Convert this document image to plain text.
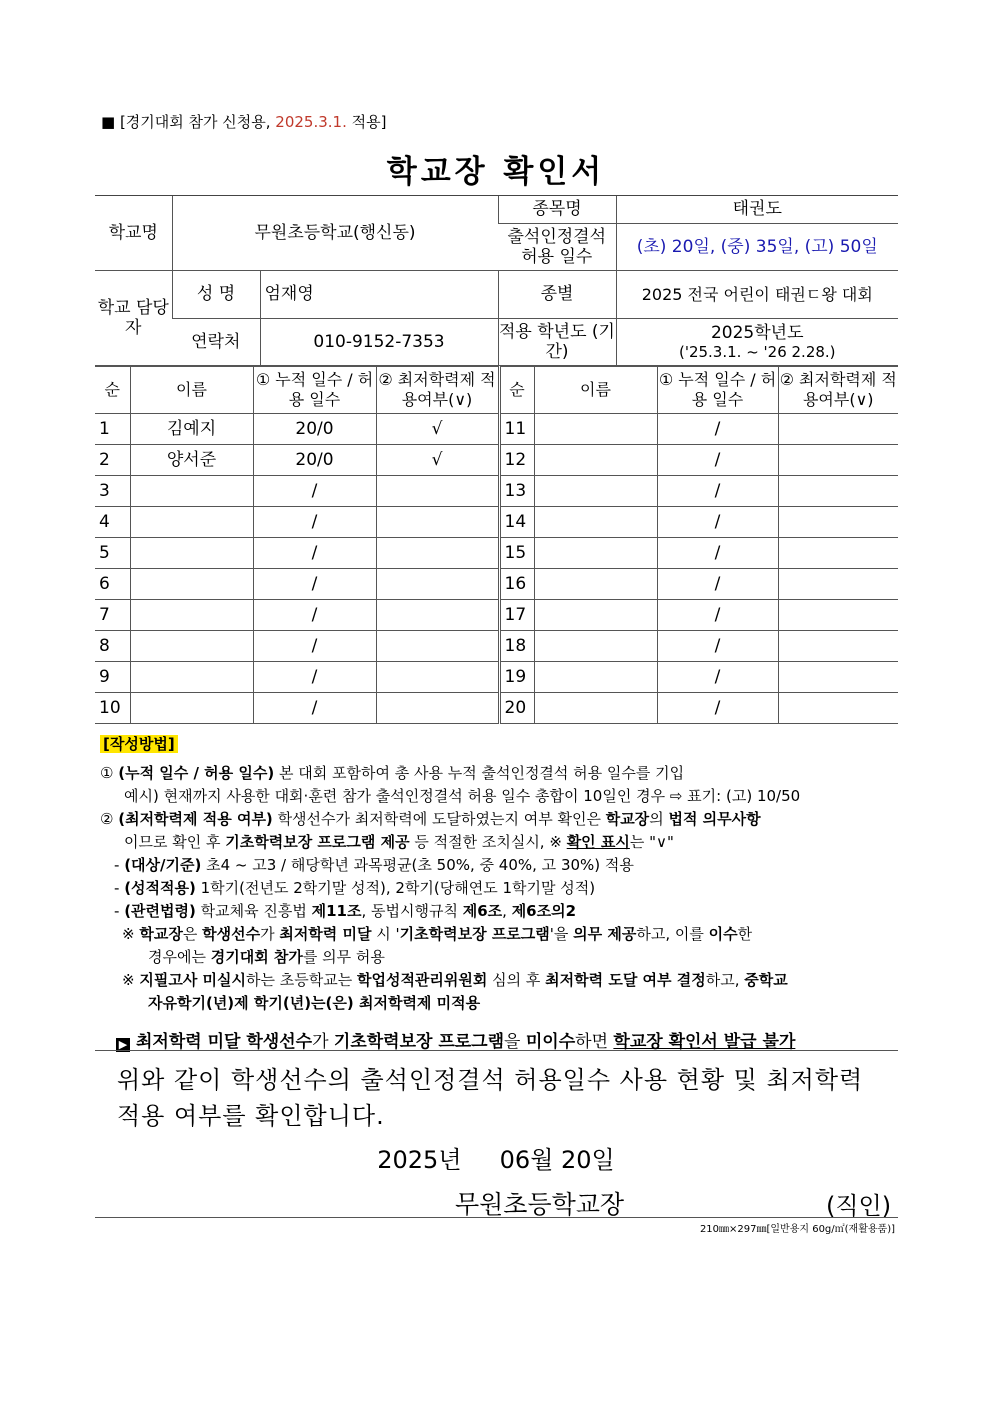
■ [경기대회 참가 신청용, 2025.3.1. 적용]
학교장 확인서
학교명	무원초등학교(행신동)		종목명	태권도
			출석인정결석 허용 일수	(초) 20일, (중) 35일, (고) 50일
학교 담당자	성 명	엄재영	종별	2025 전국 어린이 태권ㄷ왕 대회
	연락처	010-9152-7353	적용 학년도 (기간)	2025학년도
('25.3.1. ~ '26 2.28.)
순	이름	① 누적 일수 / 허용 일수	② 최저학력제 적용여부(∨)	순	이름	① 누적 일수 / 허용 일수	② 최저학력제 적용여부(∨)
1	김예지	20/0	√	11		/	
2	양서준	20/0	√	12		/	
3		/		13		/	
4		/		14		/	
5		/		15		/	
6		/		16		/	
7		/		17		/	
8		/		18		/	
9		/		19		/	
10		/		20		/	
[작성방법]

① (누적 일수 / 허용 일수) 본 대회 포함하여 총 사용 누적 출석인정결석 허용 일수를 기입

예시) 현재까지 사용한 대회·훈련 참가 출석인정결석 허용 일수 총합이 10일인 경우 ⇨ 표기: (고) 10/50

② (최저학력제 적용 여부) 학생선수가 최저학력에 도달하였는지 여부 확인은 학교장의 법적 의무사항

이므로 확인 후 기초학력보장 프로그램 제공 등 적절한 조치실시, ※ 확인 표시는 "∨"

- (대상/기준) 초4 ~ 고3 / 해당학년 과목평균(초 50%, 중 40%, 고 30%) 적용

- (성적적용) 1학기(전년도 2학기말 성적), 2학기(당해연도 1학기말 성적)

- (관련법령) 학교체육 진흥법 제11조, 동법시행규칙 제6조, 제6조의2

※ 학교장은 학생선수가 최저학력 미달 시 '기초학력보장 프로그램'을 의무 제공하고, 이를 이수한

경우에는 경기대회 참가를 의무 허용

※ 지필고사 미실시하는 초등학교는 학업성적관리위원회 심의 후 최저학력 도달 여부 결정하고, 중학교

자유학기(년)제 학기(년)는(은) 최저학력제 미적용

▶ 최저학력 미달 학생선수가 기초학력보장 프로그램을 미이수하면 학교장 확인서 발급 불가
위와 같이 학생선수의 출석인정결석 허용일수 사용 현황 및 최저학력
적용 여부를 확인합니다.
2025년     06월 20일
무원초등학교장	(직인)
210㎜×297㎜[일반용지 60g/㎡(재활용품)]
